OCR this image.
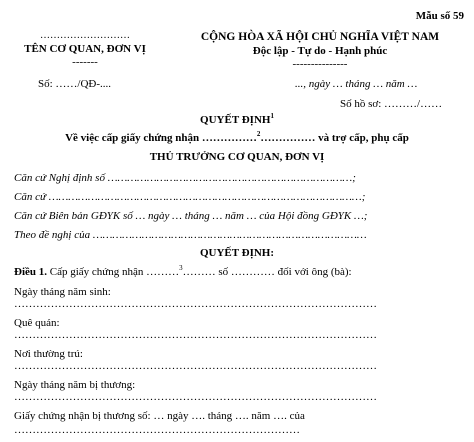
Mẫu số 59
………………………
TÊN CƠ QUAN, ĐƠN VỊ
-------
Số: ……/QĐ-....
CỘNG HÒA XÃ HỘI CHỦ NGHĨA VIỆT NAM
Độc lập - Tự do - Hạnh phúc
---------------
..., ngày … tháng … năm …
Số hồ sơ: ………/……
QUYẾT ĐỊNH$^1$
Về việc cấp giấy chứng nhận ……………$^2$…………… và trợ cấp, phụ cấp
THỦ TRƯỞNG CƠ QUAN, ĐƠN VỊ
Căn cứ Nghị định số …………………………………………………………………;
Căn cứ ……………………………………………………………………………………;
Căn cứ Biên bản GĐYK số … ngày … tháng … năm … của Hội đồng GĐYK …;
Theo đề nghị của …………………………………………………………………………
QUYẾT ĐỊNH:
Điều 1. Cấp giấy chứng nhận ………$^3$……… số ………… đối với ông (bà):
Ngày tháng năm sinh:
………………………………………………………………………………………
Quê quán:
………………………………………………………………………………………
Nơi thường trú:
………………………………………………………………………………………
Ngày tháng năm bị thương:
………………………………………………………………………………………
Giấy chứng nhận bị thương số: … ngày …. tháng …. năm …. của
……………………………………………………………………
